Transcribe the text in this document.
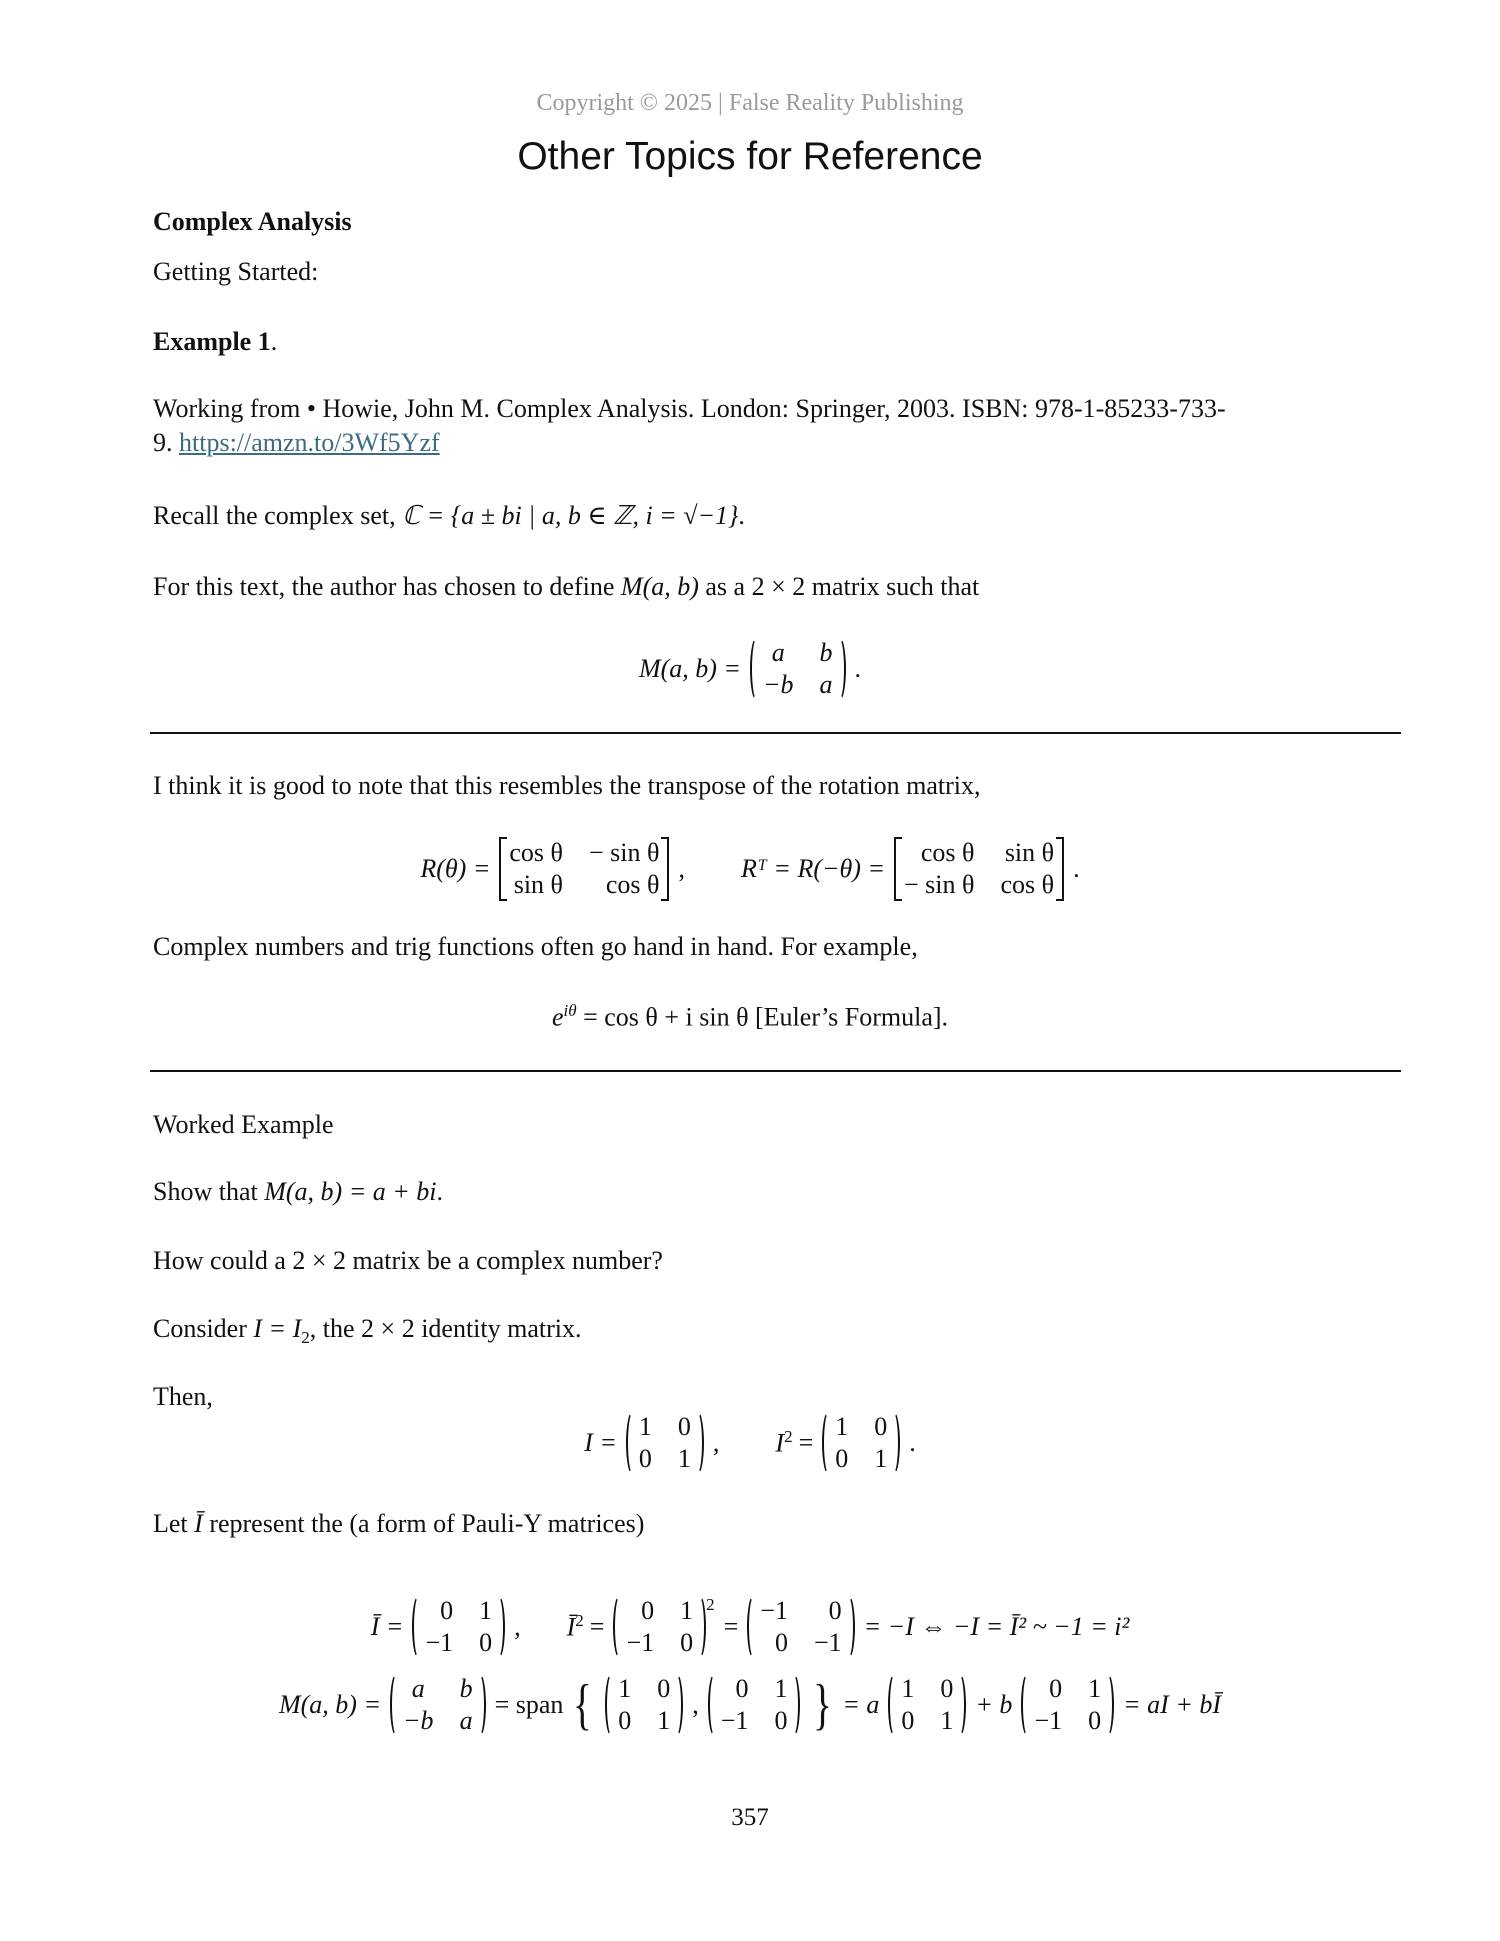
Copyright © 2025 | False Reality Publishing
Other Topics for Reference
Complex Analysis
Getting Started:
Example 1.
Working from • Howie, John M. Complex Analysis. London: Springer, 2003. ISBN: 978-1-85233-733-
9. https://amzn.to/3Wf5Yzf
Recall the complex set, ℂ = {a ± bi | a, b ∈ ℤ, i = √−1}.
For this text, the author has chosen to define M(a, b) as a 2 × 2 matrix such that
M(a, b) =
a	b
−b a
.
I think it is good to note that this resembles the transpose of the rotation matrix,
R(θ) =
cos θ − sin θ
sin θ	cos θ
, Rᵀ = R(−θ) =
cos θ sin θ
− sin θ cos θ
.
Complex numbers and trig functions often go hand in hand. For example,
$e^{i\theta} = \cos \theta + i$ sin θ [Euler’s Formula].
Worked Example
Show that M(a, b) = a + bi.
How could a 2 × 2 matrix be a complex number?
Consider $I = I_2$, the 2 × 2 identity matrix.
Then,
I =
1 0
0 1
, $I^2$ =
1 0
0 1
.
Let Ī represent the (a form of Pauli-Y matrices)
Ī =
0 1
−1 0
, $Ī^2$ =
0 1
−1 0
$^2$
=
−1	0
0 −1
= −I ⇔ −I = Ī² ~ −1 = i²
M(a, b) =
a	b
−b a
= span { 1 0
0 1
,
0 1
−1 0 } = a
1 0
0 1
+ b
0 1
−1 0
= aI + bĪ
357
